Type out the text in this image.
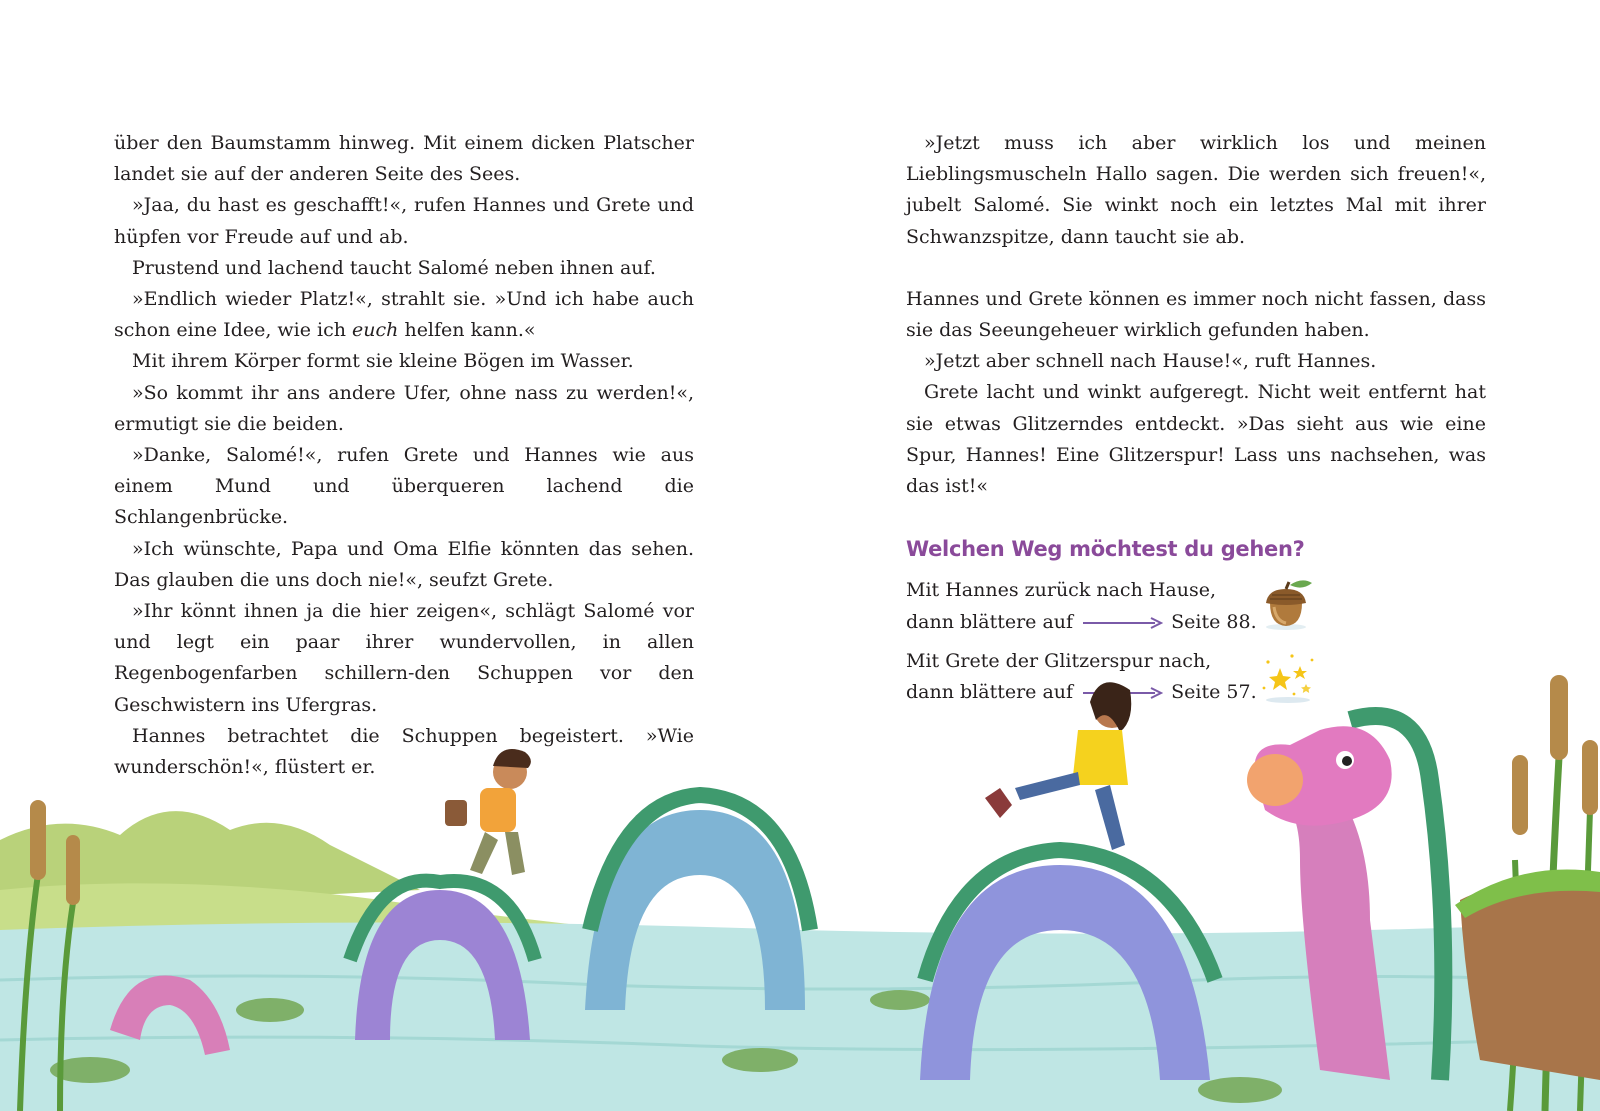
über den Baumstamm hinweg. Mit einem dicken Platscher landet sie auf der anderen Seite des Sees.

»Jaa, du hast es geschafft!«, rufen Hannes und Grete und hüpfen vor Freude auf und ab.

Prustend und lachend taucht Salomé neben ihnen auf.

»Endlich wieder Platz!«, strahlt sie. »Und ich habe auch schon eine Idee, wie ich euch helfen kann.«

Mit ihrem Körper formt sie kleine Bögen im Wasser.

»So kommt ihr ans andere Ufer, ohne nass zu werden!«, ermutigt sie die beiden.

»Danke, Salomé!«, rufen Grete und Hannes wie aus einem Mund und überqueren lachend die Schlangenbrücke.

»Ich wünschte, Papa und Oma Elfie könnten das sehen. Das glauben die uns doch nie!«, seufzt Grete.

»Ihr könnt ihnen ja die hier zeigen«, schlägt Salomé vor und legt ein paar ihrer wundervollen, in allen Regenbogenfarben schillern-den Schuppen vor den Geschwistern ins Ufergras.

Hannes betrachtet die Schuppen begeistert. »Wie wunderschön!«, flüstert er.

»Jetzt muss ich aber wirklich los und meinen Lieblingsmuscheln Hallo sagen. Die werden sich freuen!«, jubelt Salomé. Sie winkt noch ein letztes Mal mit ihrer Schwanzspitze, dann taucht sie ab.

Hannes und Grete können es immer noch nicht fassen, dass sie das Seeungeheuer wirklich gefunden haben.

»Jetzt aber schnell nach Hause!«, ruft Hannes.

Grete lacht und winkt aufgeregt. Nicht weit entfernt hat sie etwas Glitzerndes entdeckt. »Das sieht aus wie eine Spur, Hannes! Eine Glitzerspur! Lass uns nachsehen, was das ist!«

Welchen Weg möchtest du gehen?
Mit Hannes zurück nach Hause,
dann blättere auf	Seite 88.
Mit Grete der Glitzerspur nach,
dann blättere auf	Seite 57.
